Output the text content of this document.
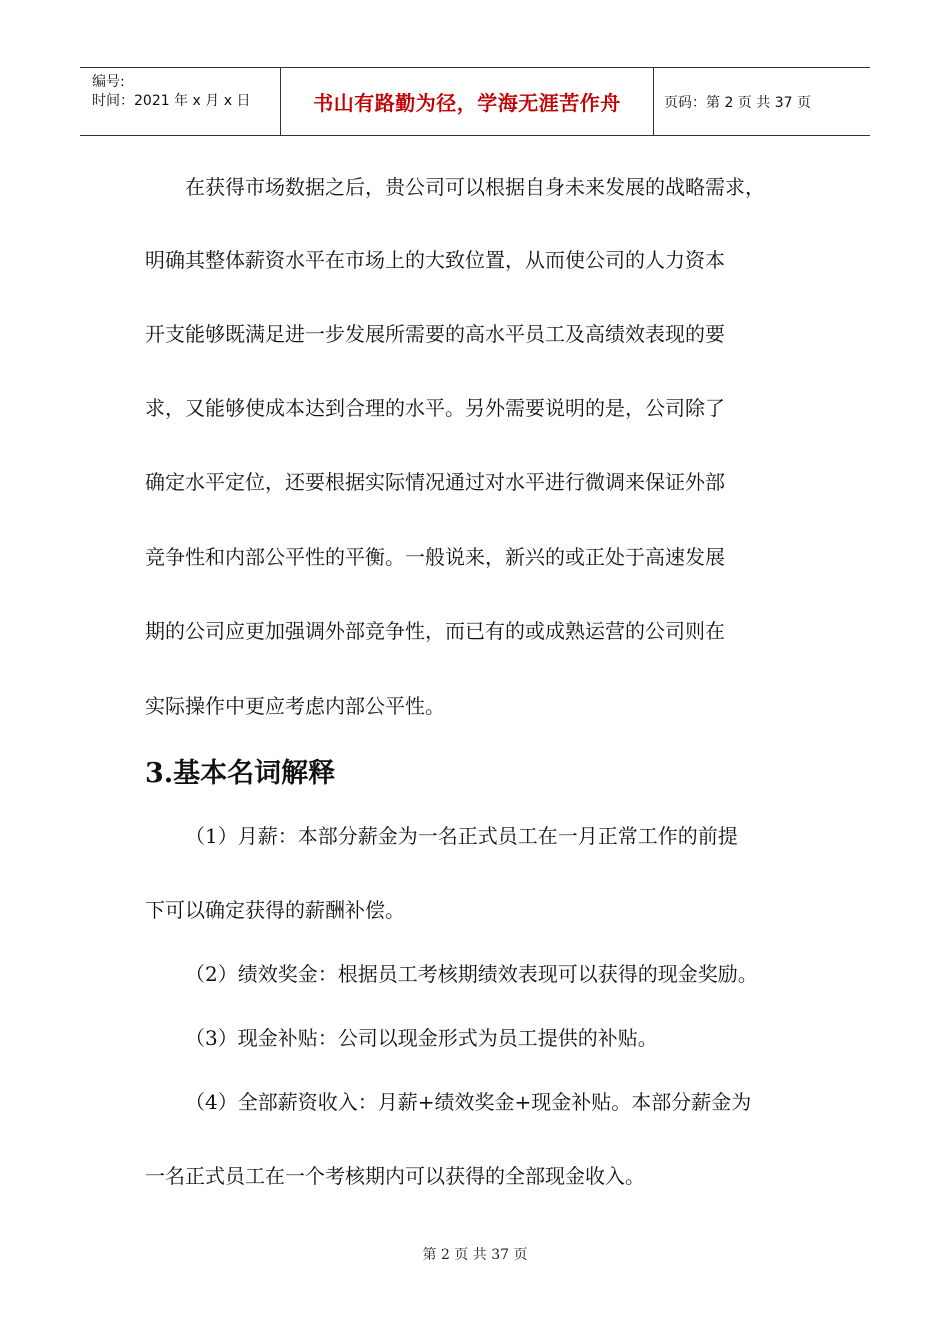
编号:
时间：2021 年 x 月 x 日	书山有路勤为径，学海无涯苦作舟	页码：第 2 页 共 37 页
在获得市场数据之后，贵公司可以根据自身未来发展的战略需求，
明确其整体薪资水平在市场上的大致位置，从而使公司的人力资本
开支能够既满足进一步发展所需要的高水平员工及高绩效表现的要
求，又能够使成本达到合理的水平。另外需要说明的是，公司除了
确定水平定位，还要根据实际情况通过对水平进行微调来保证外部
竞争性和内部公平性的平衡。一般说来，新兴的或正处于高速发展
期的公司应更加强调外部竞争性，而已有的或成熟运营的公司则在
实际操作中更应考虑内部公平性。
（1）月薪：本部分薪金为一名正式员工在一月正常工作的前提
下可以确定获得的薪酬补偿。
（2）绩效奖金：根据员工考核期绩效表现可以获得的现金奖励。
（3）现金补贴：公司以现金形式为员工提供的补贴。
（4）全部薪资收入：月薪+绩效奖金+现金补贴。本部分薪金为
一名正式员工在一个考核期内可以获得的全部现金收入。
3.基本名词解释
第 2 页 共 37 页
